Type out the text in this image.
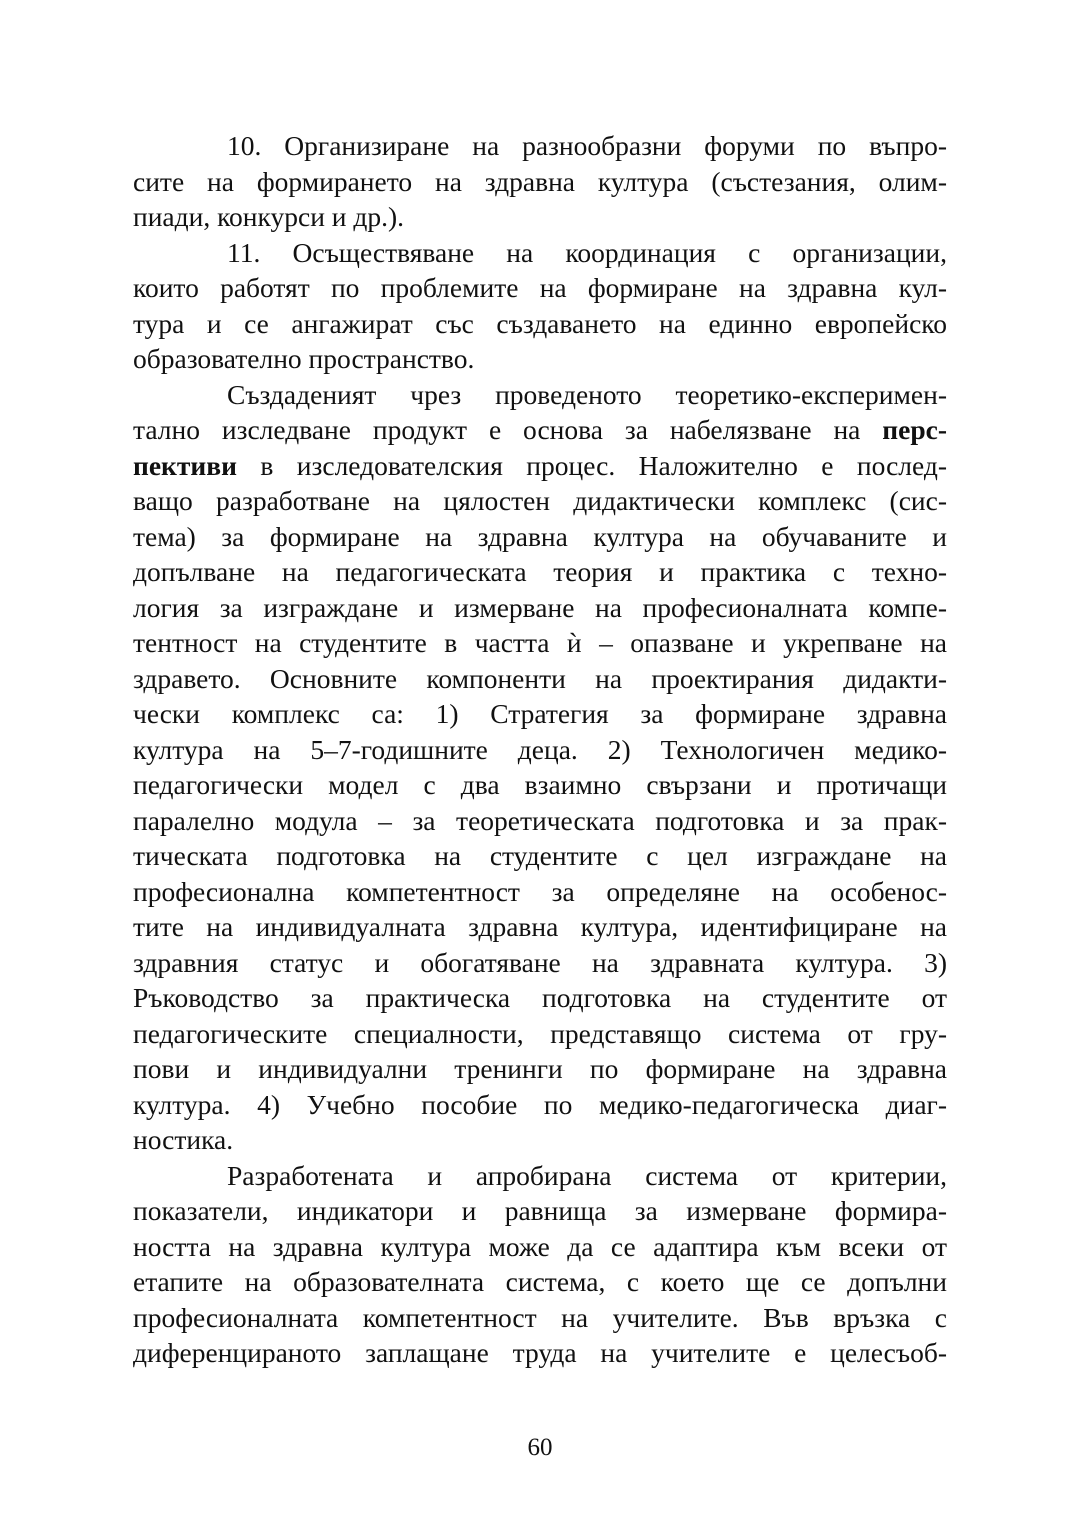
10. Организиране на разнообразни форуми по въпро-
сите на формирането на здравна култура (състезания, олим-
пиади, конкурси и др.).
11. Осъществяване на координация с организации,
които работят по проблемите на формиране на здравна кул-
тура и се ангажират със създаването на единно европейско
образователно пространство.
Създаденият чрез проведеното теоретико-експеримен-
тално изследване продукт е основа за набелязване на перс-
пективи в изследователския процес. Наложително е послед-
ващо разработване на цялостен дидактически комплекс (сис-
тема) за формиране на здравна култура на обучаваните и
допълване на педагогическата теория и практика с техно-
логия за изграждане и измерване на професионалната компе-
тентност на студентите в частта ѝ – опазване и укрепване на
здравето. Основните компоненти на проектирания дидакти-
чески комплекс са: 1) Стратегия за формиране здравна
култура на 5–7-годишните деца. 2) Технологичен медико-
педагогически модел с два взаимно свързани и протичащи
паралелно модула – за теоретическата подготовка и за прак-
тическата подготовка на студентите с цел изграждане на
професионална компетентност за определяне на особенос-
тите на индивидуалната здравна култура, идентифициране на
здравния статус и обогатяване на здравната култура. 3)
Ръководство за практическа подготовка на студентите от
педагогическите специалности, представящо система от гру-
пови и индивидуални тренинги по формиране на здравна
култура. 4) Учебно пособие по медико-педагогическа диаг-
ностика.
Разработената и апробирана система от критерии,
показатели, индикатори и равнища за измерване формира-
ността на здравна култура може да се адаптира към всеки от
етапите на образователната система, с което ще се допълни
професионалната компетентност на учителите. Във връзка с
диференцираното заплащане труда на учителите е целесъоб-
60
